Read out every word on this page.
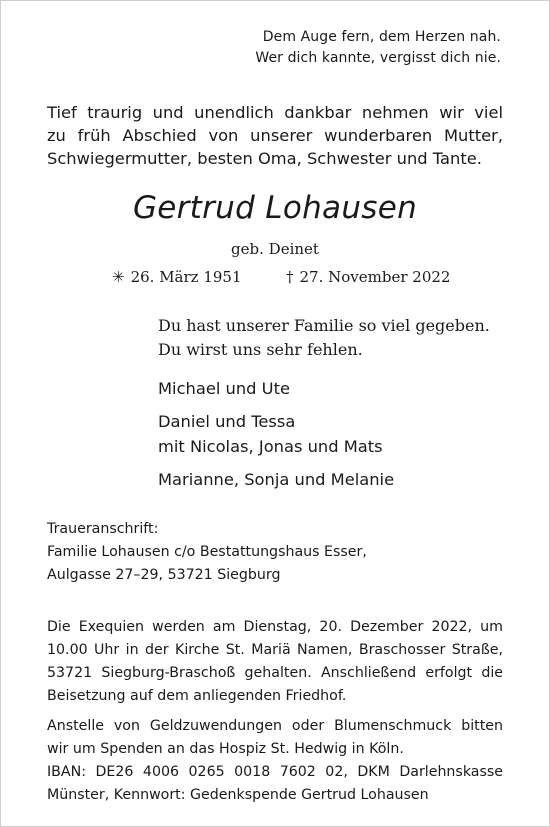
Dem Auge fern, dem Herzen nah.
Wer dich kannte, vergisst dich nie.
Tief traurig und unendlich dankbar nehmen wir viel
zu früh Abschied von unserer wunderbaren Mutter,
Schwiegermutter, besten Oma, Schwester und Tante.
Gertrud Lohausen
geb. Deinet
✳ 26. März 1951	† 27. November 2022
Du hast unserer Familie so viel gegeben.
Du wirst uns sehr fehlen.
Michael und Ute
Daniel und Tessa
mit Nicolas, Jonas und Mats
Marianne, Sonja und Melanie
Traueranschrift:
Familie Lohausen c/o Bestattungshaus Esser,
Aulgasse 27–29, 53721 Siegburg
Die Exequien werden am Dienstag, 20. Dezember 2022, um
10.00 Uhr in der Kirche St. Mariä Namen, Braschosser Straße,
53721 Siegburg-Braschoß gehalten. Anschließend erfolgt die
Beisetzung auf dem anliegenden Friedhof.
Anstelle von Geldzuwendungen oder Blumenschmuck bitten
wir um Spenden an das Hospiz St. Hedwig in Köln.
IBAN: DE26 4006 0265 0018 7602 02, DKM Darlehnskasse
Münster, Kennwort: Gedenkspende Gertrud Lohausen
